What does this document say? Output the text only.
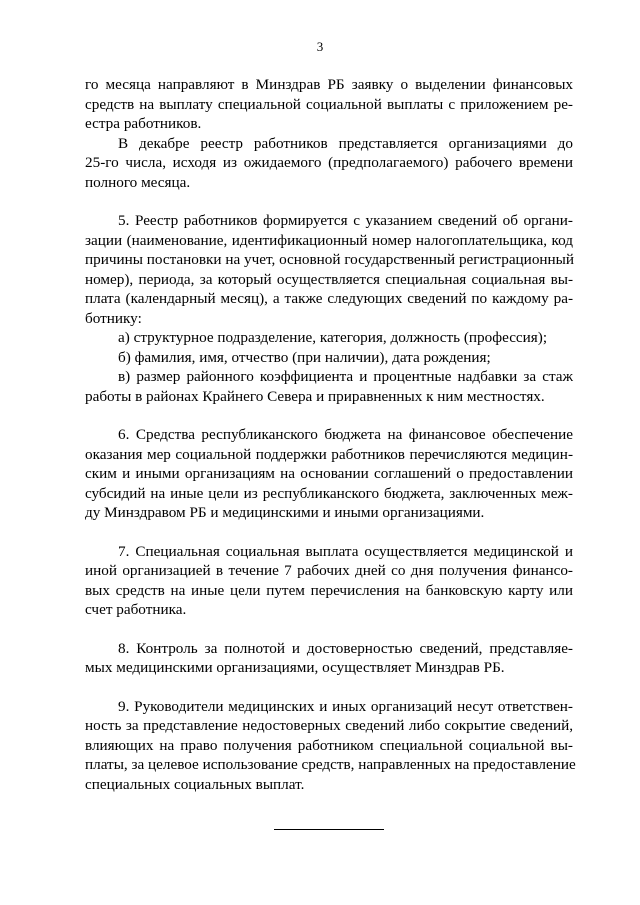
3
го месяца направляют в Минздрав РБ заявку о выделении финансовых
средств на выплату специальной социальной выплаты с приложением ре-
естра работников.
В декабре реестр работников представляется организациями до
25-го числа, исходя из ожидаемого (предполагаемого) рабочего времени
полного месяца.
5. Реестр работников формируется с указанием сведений об органи-
зации (наименование, идентификационный номер налогоплательщика, код
причины постановки на учет, основной государственный регистрационный
номер), периода, за который осуществляется специальная социальная вы-
плата (календарный месяц), а также следующих сведений по каждому ра-
ботнику:
а) структурное подразделение, категория, должность (профессия);
б) фамилия, имя, отчество (при наличии), дата рождения;
в) размер районного коэффициента и процентные надбавки за стаж
работы в районах Крайнего Севера и приравненных к ним местностях.
6. Средства республиканского бюджета на финансовое обеспечение
оказания мер социальной поддержки работников перечисляются медицин-
ским и иными организациям на основании соглашений о предоставлении
субсидий на иные цели из республиканского бюджета, заключенных меж-
ду Минздравом РБ и медицинскими и иными организациями.
7. Специальная социальная выплата осуществляется медицинской и
иной организацией в течение 7 рабочих дней со дня получения финансо-
вых средств на иные цели путем перечисления на банковскую карту или
счет работника.
8. Контроль за полнотой и достоверностью сведений, представляе-
мых медицинскими организациями, осуществляет Минздрав РБ.
9. Руководители медицинских и иных организаций несут ответствен-
ность за представление недостоверных сведений либо сокрытие сведений,
влияющих на право получения работником специальной социальной вы-
платы, за целевое использование средств, направленных на предоставление
специальных социальных выплат.
